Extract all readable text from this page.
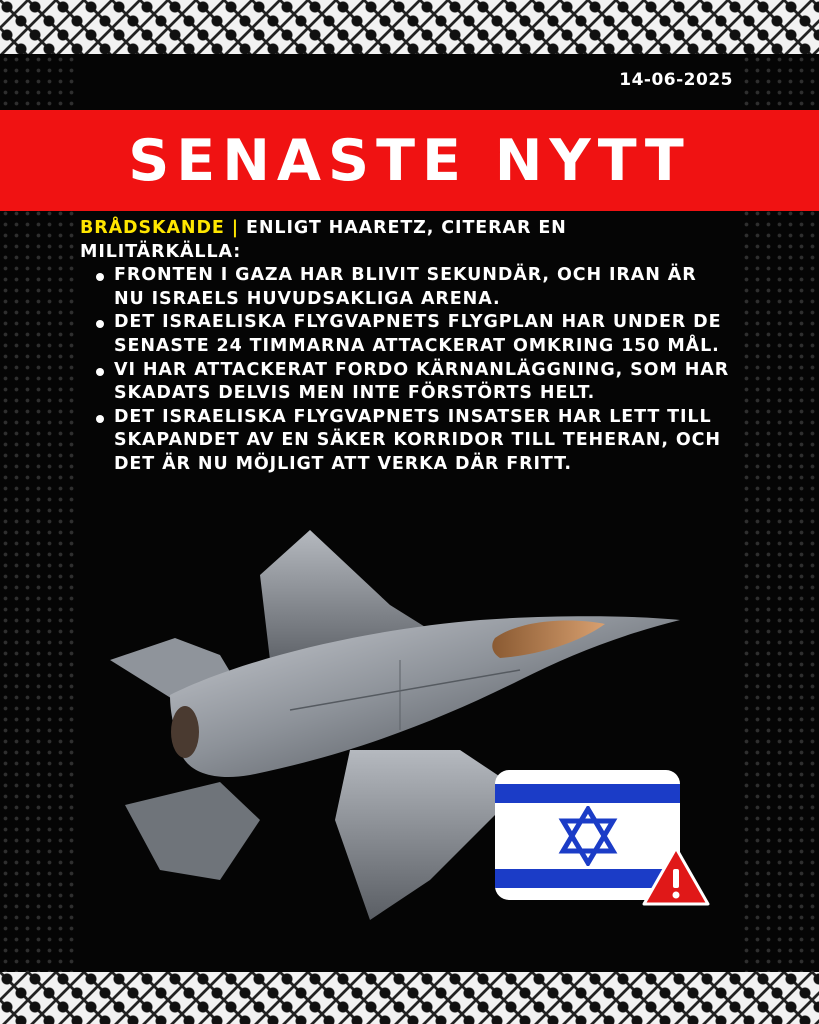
14-06-2025
SENASTE NYTT

BRÅDSKANDE | ENLIGT HAARETZ, CITERAR EN MILITÄRKÄLLA:

FRONTEN I GAZA HAR BLIVIT SEKUNDÄR, OCH IRAN ÄR NU ISRAELS HUVUDSAKLIGA ARENA.
DET ISRAELISKA FLYGVAPNETS FLYGPLAN HAR UNDER DE SENASTE 24 TIMMARNA ATTACKERAT OMKRING 150 MÅL.
VI HAR ATTACKERAT FORDO KÄRNANLÄGGNING, SOM HAR SKADATS DELVIS MEN INTE FÖRSTÖRTS HELT.
DET ISRAELISKA FLYGVAPNETS INSATSER HAR LETT TILL SKAPANDET AV EN SÄKER KORRIDOR TILL TEHERAN, OCH DET ÄR NU MÖJLIGT ATT VERKA DÄR FRITT.
